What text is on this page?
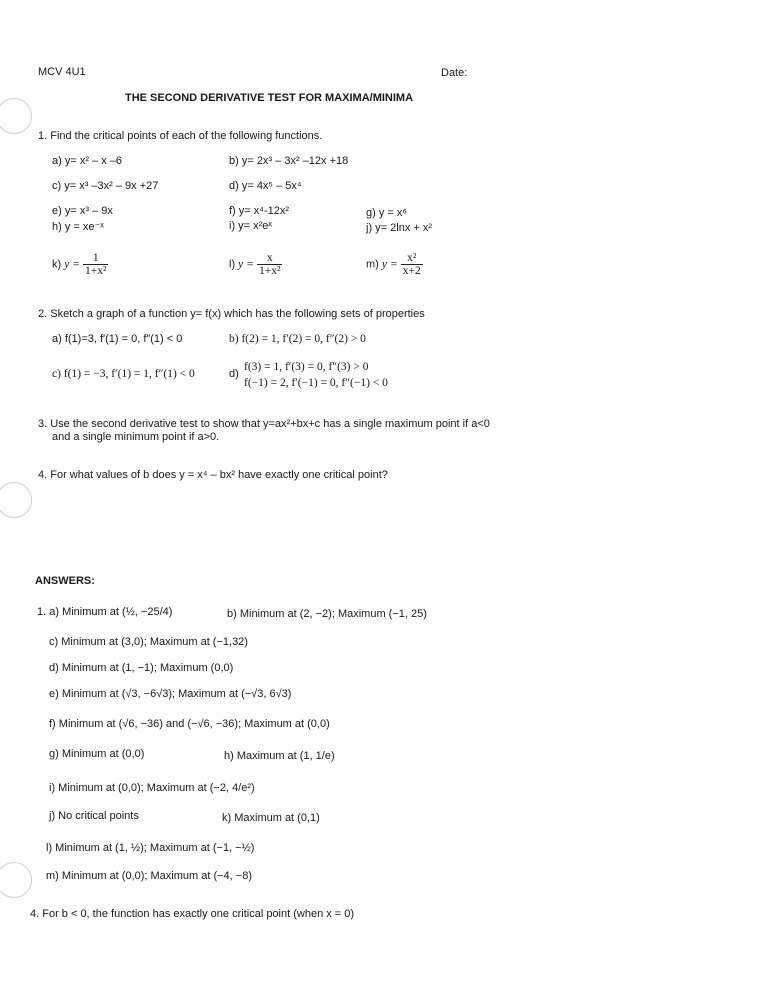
MCV 4U1	Date:
THE SECOND DERIVATIVE TEST FOR MAXIMA/MINIMA
1. Find the critical points of each of the following functions.
a) y= x² – x –6	b) y= 2x³ – 3x² –12x +18
c) y= x³ –3x² – 9x +27	d) y= 4x⁵ – 5x⁴
e) y= x³ – 9x	f) y= x⁴-12x²	g) y = x⁶
h) y = xe⁻ˣ	i) y= x²eˣ	j) y= 2lnx + x²
k) $y = \frac{1}{\text{1+x²}}$	l) $y = \frac{x}{\text{1+x²}}$	m) $y = \frac{\text{x²}}{x+2}$
2. Sketch a graph of a function y= f(x) which has the following sets of properties
a) f(1)=3, f′(1) = 0, f″(1) < 0	b) f(2) = 1, f′(2) = 0, f″(2) > 0
c) f(1) = −3, f′(1) = 1, f″(1) < 0	d)
f(3) = 1, f′(3) = 0, f″(3) > 0
f(−1) = 2, f′(−1) = 0, f″(−1) < 0
3. Use the second derivative test to show that y=ax²+bx+c has a single maximum point if a<0
and a single minimum point if a>0.
4. For what values of b does y = x⁴ – bx² have exactly one critical point?
ANSWERS:
1. a) Minimum at (½, −25/4)	b) Minimum at (2, −2); Maximum (−1, 25)
c) Minimum at (3,0); Maximum at (−1,32)
d) Minimum at (1, −1); Maximum (0,0)
e) Minimum at (√3, −6√3); Maximum at (−√3, 6√3)
f) Minimum at (√6, −36) and (−√6, −36); Maximum at (0,0)
g) Minimum at (0,0)	h) Maximum at (1, 1/e)
i) Minimum at (0,0); Maximum at (−2, 4/e²)
j) No critical points	k) Maximum at (0,1)
l) Minimum at (1, ½); Maximum at (−1, −½)
m) Minimum at (0,0); Maximum at (−4, −8)
4. For b < 0, the function has exactly one critical point (when x = 0)
